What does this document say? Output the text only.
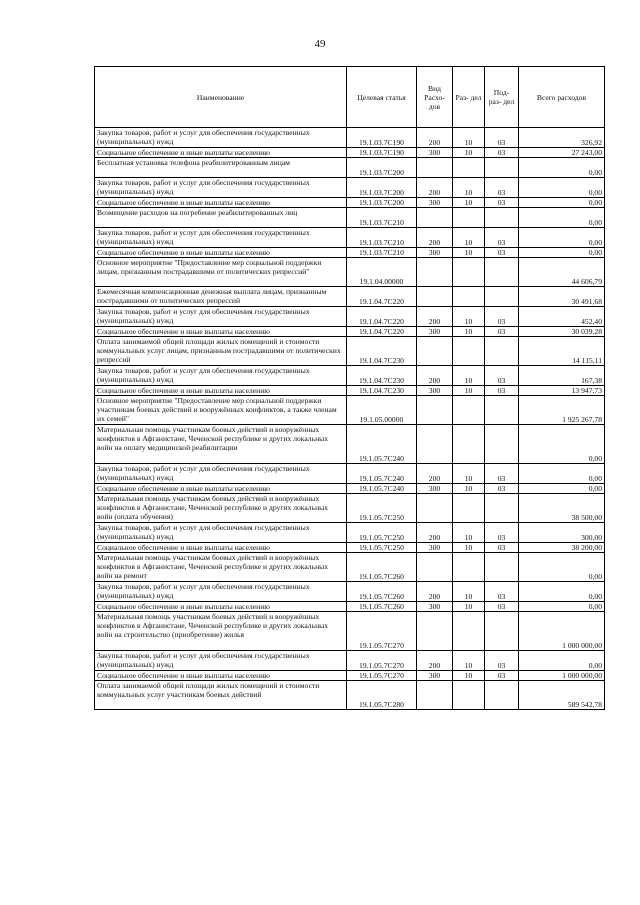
49
Наименование	Целевая статья	Вид Расхо- дов	Раз- дел	Под- раз- дел	Всего расходов
Закупка товаров, работ и услуг для обеспечения государственных (муниципальных) нужд	19.1.03.7С190	200	10	03	326,92
Социальное обеспечение и иные выплаты населению	19.1.03.7С190	300	10	03	27 243,00
Бесплатная установка телефона реабилитированным лицам	19.1.03.7С200				0,00
Закупка товаров, работ и услуг для обеспечения государственных (муниципальных) нужд	19.1.03.7С200	200	10	03	0,00
Социальное обеспечение и иные выплаты населению	19.1.03.7С200	300	10	03	0,00
Возмещение расходов на погребение реабилитированных лиц	19.1.03.7С210				0,00
Закупка товаров, работ и услуг для обеспечения государственных (муниципальных) нужд	19.1.03.7С210	200	10	03	0,00
Социальное обеспечение и иные выплаты населению	19.1.03.7С210	300	10	03	0,00
Основное мероприятие "Предоставление мер социальной поддержки лицам, признанным пострадавшими от политических репрессий"	19.1.04.00000				44 606,79
Ежемесячная компенсационная денежная выплата лицам, признанным пострадавшими от политических репрессий	19.1.04.7С220				30 491,68
Закупка товаров, работ и услуг для обеспечения государственных (муниципальных) нужд	19.1.04.7С220	200	10	03	452,40
Социальное обеспечение и иные выплаты населению	19.1.04.7С220	300	10	03	30 039,28
Оплата занимаемой общей площади жилых помещений и стоимости коммунальных услуг лицам, признанным пострадавшими от политических репрессий	19.1.04.7С230				14 115,11
Закупка товаров, работ и услуг для обеспечения государственных (муниципальных) нужд	19.1.04.7С230	200	10	03	167,38
Социальное обеспечение и иные выплаты населению	19.1.04.7С230	300	10	03	13 947,73
Основное мероприятие "Предоставление мер социальной поддержки участникам боевых действий и вооружённых конфликтов, а также членам их семей"	19.1.05.00000				1 925 267,78
Материальная помощь участникам боевых действий и вооружённых конфликтов в Афганистане, Чеченской республике и других локальных войн на оплату медицинской реабилитации	19.1.05.7С240				0,00
Закупка товаров, работ и услуг для обеспечения государственных (муниципальных) нужд	19.1.05.7С240	200	10	03	0,00
Социальное обеспечение и иные выплаты населению	19.1.05.7С240	300	10	03	0,00
Материальная помощь участникам боевых действий и вооружённых конфликтов в Афганистане, Чеченской республике и других локальных войн (оплата обучения)	19.1.05.7С250				38 500,00
Закупка товаров, работ и услуг для обеспечения государственных (муниципальных) нужд	19.1.05.7С250	200	10	03	300,00
Социальное обеспечение и иные выплаты населению	19.1.05.7С250	300	10	03	38 200,00
Материальная помощь участникам боевых действий и вооружённых конфликтов в Афганистане, Чеченской республике и других локальных войн на ремонт	19.1.05.7С260				0,00
Закупка товаров, работ и услуг для обеспечения государственных (муниципальных) нужд	19.1.05.7С260	200	10	03	0,00
Социальное обеспечение и иные выплаты населению	19.1.05.7С260	300	10	03	0,00
Материальная помощь участникам боевых действий и вооружённых конфликтов в Афганистане, Чеченской республике и других локальных войн на строительство (приобретение) жилья	19.1.05.7С270				1 000 000,00
Закупка товаров, работ и услуг для обеспечения государственных (муниципальных) нужд	19.1.05.7С270	200	10	03	0,00
Социальное обеспечение и иные выплаты населению	19.1.05.7С270	300	10	03	1 000 000,00
Оплата занимаемой общей площади жилых помещений и стоимости коммунальных услуг участникам боевых действий	19.1.05.7С280				589 542,78
